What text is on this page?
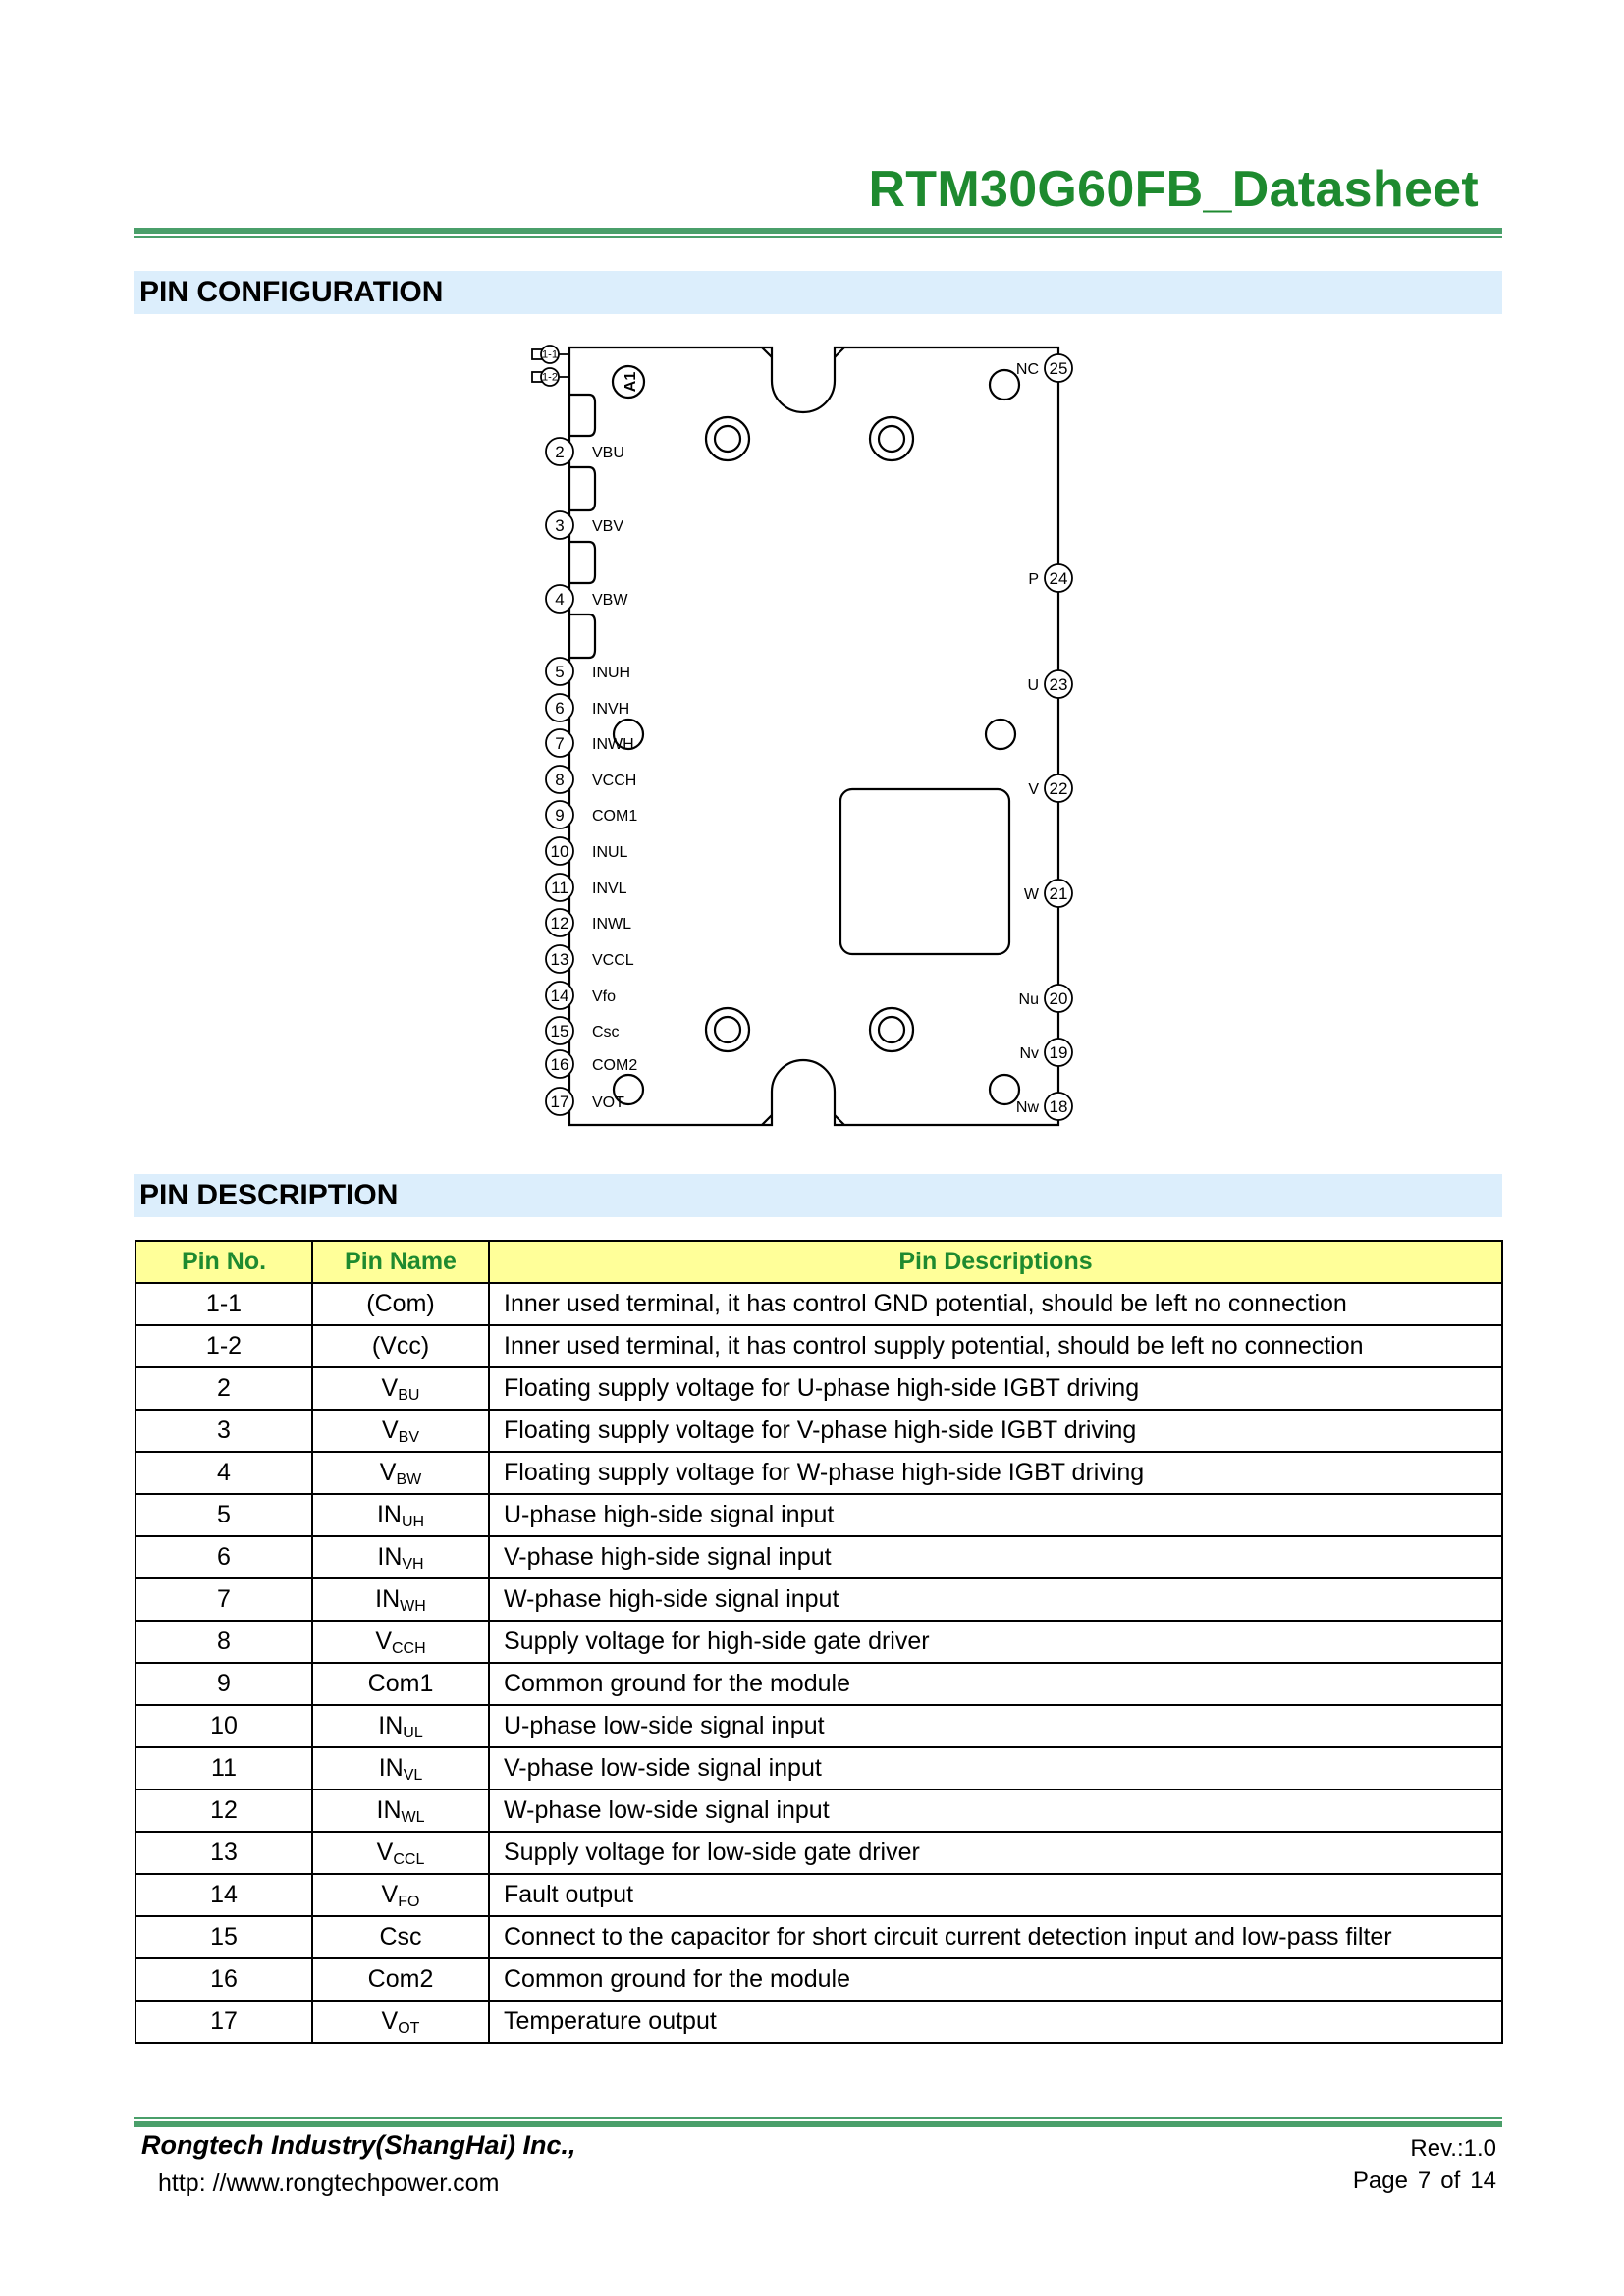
RTM30G60FB_Datasheet
PIN CONFIGURATION
A1
1-1
1-2
2 VBU
3 VBV
4 VBW
5 INUH
6 INVH
7 INWH
8 VCCH
9 COM1
10 INUL
11 INVL
12 INWL
13 VCCL
14 Vfo
15 Csc
16 COM2
17 VOT
25
NC
24
P
23
U
22
V
21
W
20
Nu
19
Nv
18
Nw
PIN DESCRIPTION
Pin No.	Pin Name	Pin Descriptions
1-1	(Com)	Inner used terminal, it has control GND potential, should be left no connection
1-2	(Vcc)	Inner used terminal, it has control supply potential, should be left no connection
2	$V_{BU}$	Floating supply voltage for U-phase high-side IGBT driving
3	$V_{BV}$	Floating supply voltage for V-phase high-side IGBT driving
4	$V_{BW}$	Floating supply voltage for W-phase high-side IGBT driving
5	$IN_{UH}$	U-phase high-side signal input
6	$IN_{VH}$	V-phase high-side signal input
7	$IN_{WH}$	W-phase high-side signal input
8	$V_{CCH}$	Supply voltage for high-side gate driver
9	Com1	Common ground for the module
10	$IN_{UL}$	U-phase low-side signal input
11	$IN_{VL}$	V-phase low-side signal input
12	$IN_{WL}$	W-phase low-side signal input
13	$V_{CCL}$	Supply voltage for low-side gate driver
14	$V_{FO}$	Fault output
15	Csc	Connect to the capacitor for short circuit current detection input and low-pass filter
16	Com2	Common ground for the module
17	$V_{OT}$	Temperature output
Rongtech Industry(ShangHai) Inc.,
http: //www.rongtechpower.com
Rev.:1.0
Page 7 of 14
